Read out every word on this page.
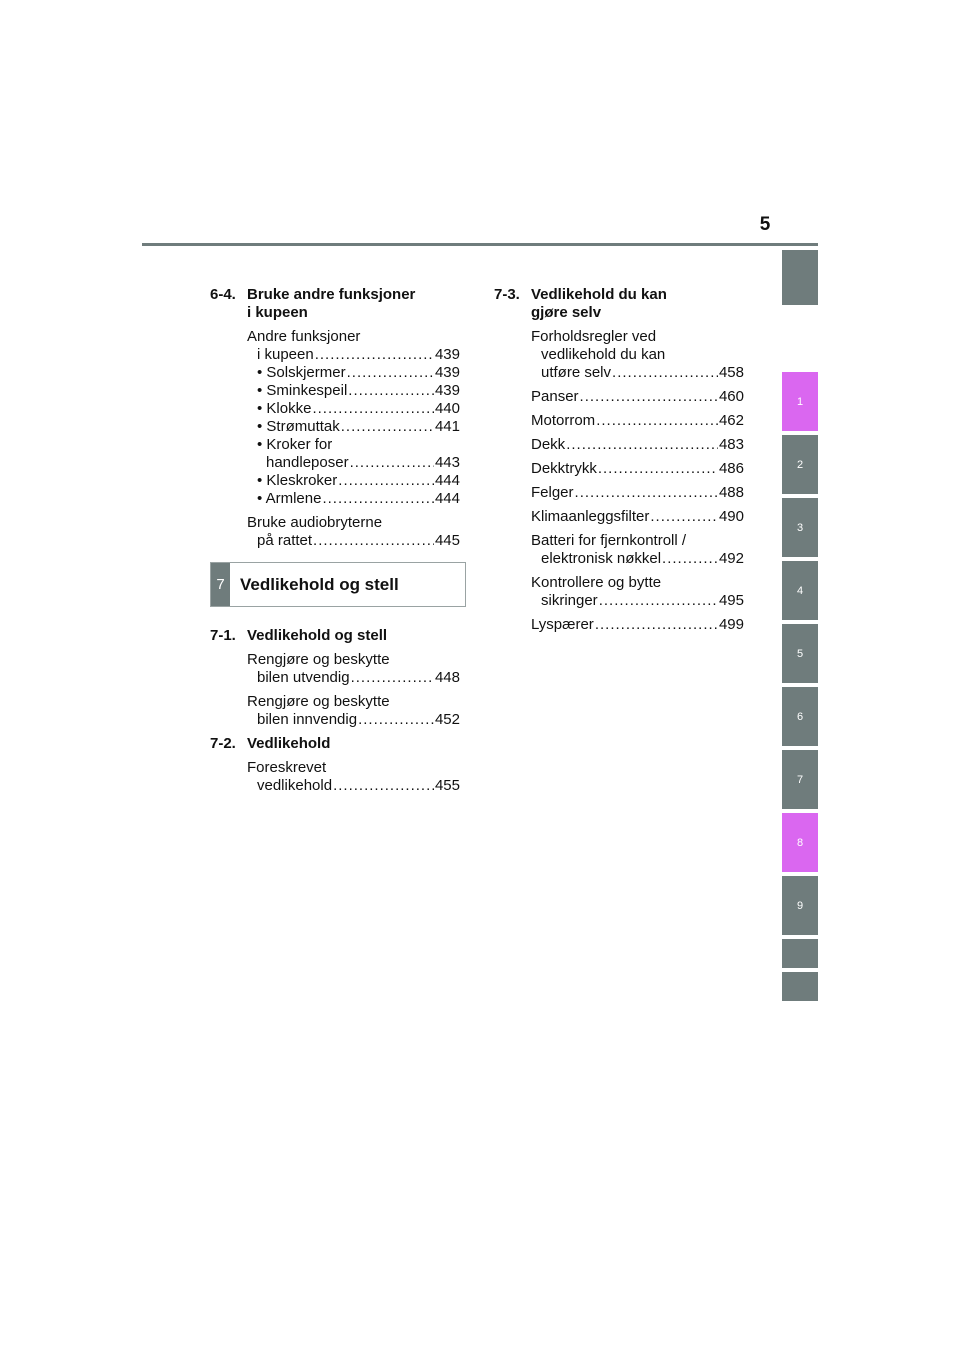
5
6-4. Bruke andre funksjoner
i kupeen
Andre funksjoner
i kupeen .....	439
• Solskjermer .....	439
• Sminkespeil .....	439
• Klokke .....	440
• Strømuttak .....	441
• Kroker for
handleposer .....	443
• Kleskroker .....	444
• Armlene .....	444
Bruke audiobryterne
på rattet .....	445
7 Vedlikehold og stell
7-1. Vedlikehold og stell
Rengjøre og beskytte
bilen utvendig .....	448
Rengjøre og beskytte
bilen innvendig .....	452
7-2. Vedlikehold
Foreskrevet
vedlikehold .....	455
7-3. Vedlikehold du kan
gjøre selv
Forholdsregler ved
vedlikehold du kan
utføre selv .....	458
Panser .....	460
Motorrom .....	462
Dekk .....	483
Dekktrykk .....	486
Felger .....	488
Klimaanleggsfilter .....	490
Batteri for fjernkontroll /
elektronisk nøkkel .....	492
Kontrollere og bytte
sikringer .....	495
Lyspærer .....	499
1
2
3
4
5
6
7
8
9
